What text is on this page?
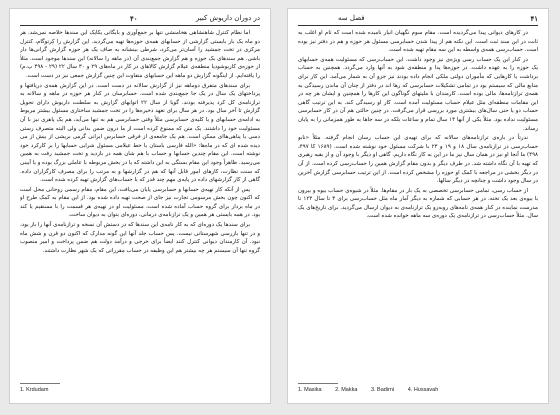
۴۰	در دوران داریوش کبیر

اما نظام کنترل شاهنشاهی هخامنشی تنها بر جمع‌آوری و بایگانی یکایک این سندها خلاصه نمی‌شد. هر دو ماه یک بار بایستی گزارشی از حسابهای همه‌ی حوزه‌ها تهیه می‌گردید. این گزارش را کِرتوگام، کنترل مرکزی در تخت جمشید را آسان‌تر می‌کرد، شرطی بینشانه به صاف یک هر حوزه گزارش گرانی‌ها دار باشی. هم سندهای یک حوزه و هم گزارش جمع‌بندی آن (در ماهه را سالانه) این سندها موجود است. مثلاً از حوزه‌ی کاربوشودیا منطقه‌ی عیلام گزارش کالاهای در کار در ماه‌های ۲۹ و ۳۰ سال ۲۲ (۲۹ - ۴۹۸ پ.م) را یافته‌ایم. از اینگونه گزارش دو ماهه این حسابهای متفاوت این چنین گزارش جمعی نیز در دست است.

برای سندهای متفرق دوماهه نیز از گزارش سالانه در دست است. در این گزارش همه‌ی دریافتها و پرداختهای یک سال در یک جا جمع‌بندی شده است. حسابرسان در کنار هر حوزه در ماهه و سالانه به ترازنامه‌ی کل کرد پذیرفته بودند. گویا از سال ۲۲ اتوابهای گزارش به سلطنت داریوش دارای تحویل گزارش تا آخر سال بود. در هر سال برای تعهد ذخیره‌ها را در تخت جمشید ساختاری مسئول بیشتر مربوط به ادامه‌ی حسابهای و یا کلیه‌ی حسابرسی مثلاً وقتی حسابرسی هم به تنها می‌آید، هم یک پاهری نیز با آن مسئولیت خود را داشتند. یک متن که ممنوع کرده است از ما درون ضمن بدانی ولی البته متصرف رستی دسی یا پناهی‌ها‌ای ممکن است. هم یک جامعه‌ی از فرقی حسابرس ایرانی گرمی بریشی از بیش از می دیده شده ای که در ماه‌ها: «الله فارسی باستان یا خط عیلامی مسئول شرایی حسابها را بر کارکرد خود نوشته است. این مقام چندین حسابها و حساب با هم شان همه در بازدید و تخت جمشید رفت به همین می‌رسید. ظاهراً وجود این مقام بستگی به این داشته که یا در بخش مربوطه با عاملی بزرگ بوده و یا آیینی که سنت نظارت، کارهای امور قابل آنها که هم در گزارشها و به مرتب را برای مصرف کارگزاران داده. گاهی از کار گزارشهای داده در پایه‌ی مهم چند قدر که با حساب‌های گزارش تهیه کرده شده است.

پس از آنکه کار تهیه‌ی حسابها و حسابرسی پایان می‌یافت، این مقام، مقام رسمی روحانی محل است که اکنون چون بخش مرسومی تجارت نیز جای از صحت تهیه داده شده بود. از این مقام به کمک طرح او در ماه بردار برای گروه حساب آماده شده است، مسئولیت او در تهیه‌ی هر قسمت را با مستقیم یا کند بود. در همه بایستی هر همین و یک ترازنامه‌ی درمانی، دوره‌ای بتوان به دیوان ساخت.

برای سندها یک دوره‌ای که به کار نامه‌ی این سندها که در دستش آن نسخه و ترازنامه‌ی آنها را باز بود، و در تنها بازرسی شهرستانی نیست. پس حساب جلد آنها این گونه مدارک که اکنون دو قرن و شش ماه نبود. آن کارمندان دیوانی کنترل کنند ایضاً برای خرجی و درآمد دولت هم ضمن پرداخت و امیر منصوب گروه تنها آن سیستم هر چه بیشتر هم این وظیفه در حساب مقرراتی که یک شهر نظارت داشتند.

1. Krdudam
فصل سه	۴۱

در کارهای دیوانی پیدا می‌گردیده است. مقام سوم نگهبان انبار نامیده شده است که تام او اغلب به ثابت در این سند ثبت است. این نکته هم از پیدا شدن حسابرسی مسئول هر حوزه و هم در دفتر نیز بوده است. حساب‌رسی همه‌ی واسطه به این سه مقام تهیه شده است.

در کنار این یک حساب رسی ویژه‌ی نیز وجود داشت. این حساب‌رسی که مسئولیت همه‌ی حسابهای یک حوزه را به عهده داشت. در حوزه‌ها پدا و منطقه‌ی شود به آنها وارد می‌گردد. همچنین به حساب برداشت یا کارهایی که مأموران دولتی ملکی انجام داده بودند نیز جزو آن به شمار می‌آمد. این کار برای منابع مالی که سیستم بود در تمامی تشکیلات حسابرسی که رها اند در دفتر از چنان آن ماندن رسیدگی به همه‌ی ترازنامه‌ها، مالی بوده است. کارمندان با ملیتهای گوناگون این کارها را همچنین و ایشان هر چه در این مقامات منطقه‌ای مثل عیلام حساب مسئولیت آمده است. کار او رسیدگی کند. به این ترتیب گاهی حساب دو یا حتی سال‌های بیشتری مورد بررسی قرار می‌گرفت. در چنین حالتی هم آن در کار حسابرسی مسئولیت نداده بود. مثلاً یکی از آنها ۱۴ سال تمام و ساعات بلکه در سه جاها به طور همزمانی را به پایان رساند.

ندرتاً در باره‌ی ترازنامه‌های سالانه که برای تهیه‌ی این حساب رسان انجام گرفته. مثلاً «نابو حساب‌رسی در ترازنامه‌ی سال ۱۸ و ۱۹ و ۲۳ با شرکت مسئول خود نوشته شده است. (۱۶۸۹ کا ۴۹۷، ۴۹۸) ما آنجا او نیز در همان سال نیز ما در این به کار نگاه داریم. گاهی او دیگر با وجود آن و از بقیه رهبری که تهیه با آن نگاه داشته شد. در طرف دیگر و بدون مقام گزارش همین را حساب‌رسی کرده است. از آن در دیگر بخشی در مراجعه با کمک او حوزه را مشخص کرده است. از این ترتیب حسابرسی گزارش آخرین در سال وجود داشت و چنانچه در دیگر سالها.

از حساب رسی، تمامی حسابرسی تخصصی به یک بار در مقام‌ها. مثلاً در شیوه‌ی حساب بیوه و بیرون با بیوه‌ی بعد یک تخته. در هر حسابی که شماره به دیگر آمار ماه مثل حساب‌رسی برای ۳ تا سال ۱۲۳ تا مدرست نماینده در کنار همه‌ی نامه‌های روبه‌رو یک ترازنامه‌ی به دیوان ارسال می‌گردید. برای تاریخ‌های یک سال. مثلاً حساب‌رسی در ترازنامه‌ی یک دوره‌ی سه ماهه خوانده شده است.

1. Masika 2. Makka 3. Badirni 4. Hussavah
